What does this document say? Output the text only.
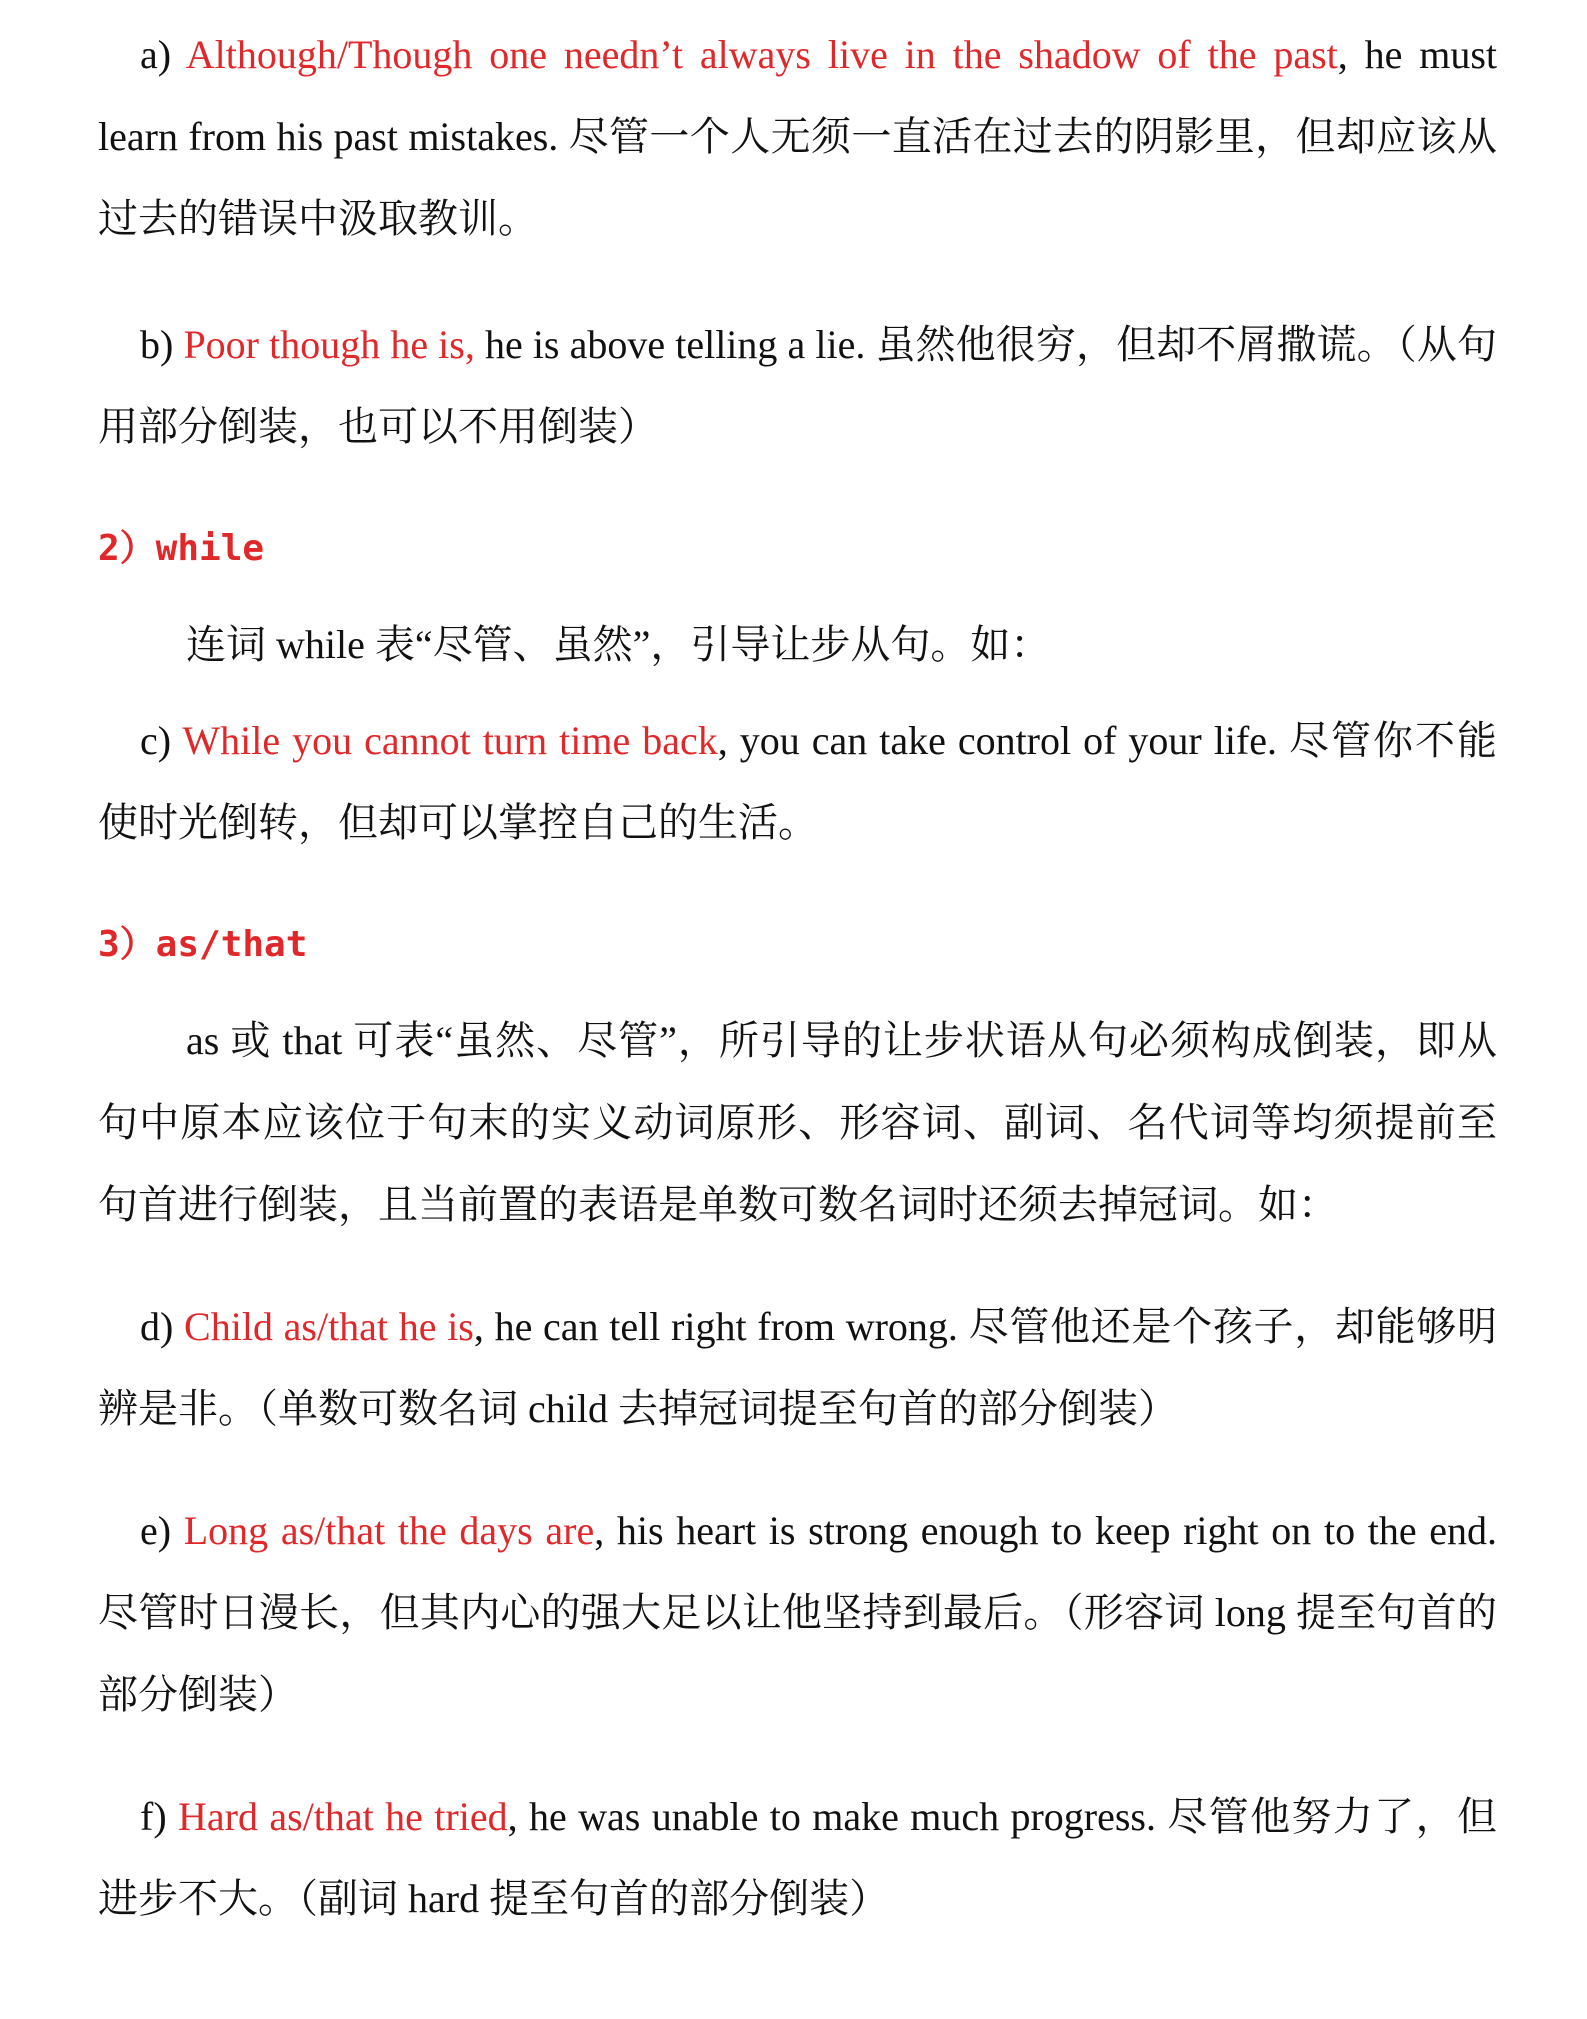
a) Although/Though one needn’t always live in the shadow of the past, he must learn from his past mistakes. 尽管一个人无须一直活在过去的阴影里，但却应该从过去的错误中汲取教训。

b) Poor though he is, he is above telling a lie. 虽然他很穷，但却不屑撒谎。（从句用部分倒装，也可以不用倒装）

2）while

连词 while 表“尽管、虽然”，引导让步从句。如：

c) While you cannot turn time back, you can take control of your life. 尽管你不能使时光倒转，但却可以掌控自己的生活。

3）as/that

as 或 that 可表“虽然、尽管”，所引导的让步状语从句必须构成倒装，即从句中原本应该位于句末的实义动词原形、形容词、副词、名代词等均须提前至句首进行倒装，且当前置的表语是单数可数名词时还须去掉冠词。如：

d) Child as/that he is, he can tell right from wrong. 尽管他还是个孩子，却能够明辨是非。（单数可数名词 child 去掉冠词提至句首的部分倒装）

e) Long as/that the days are, his heart is strong enough to keep right on to the end. 尽管时日漫长，但其内心的强大足以让他坚持到最后。（形容词 long 提至句首的部分倒装）

f) Hard as/that he tried, he was unable to make much progress. 尽管他努力了，但进步不大。（副词 hard 提至句首的部分倒装）
